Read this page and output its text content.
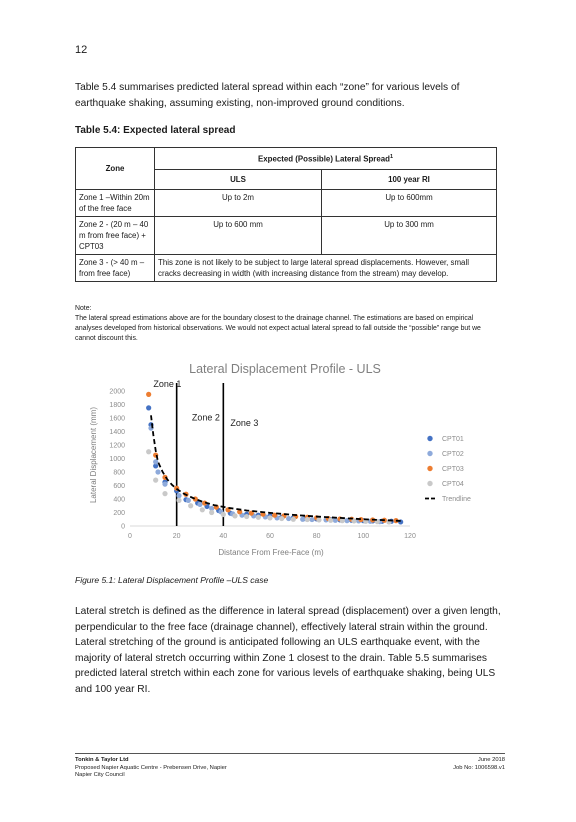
12
Table 5.4 summarises predicted lateral spread within each “zone” for various levels of earthquake shaking, assuming existing, non-improved ground conditions.
Table 5.4: Expected lateral spread
Zone	Expected (Possible) Lateral Spread$^1$
	ULS	100 year RI
Zone 1 –Within 20m of the free face	Up to 2m	Up to 600mm
Zone 2 - (20 m – 40 m from free face) + CPT03	Up to 600 mm	Up to 300 mm
Zone 3 - (> 40 m – from free face)	This zone is not likely to be subject to large lateral spread displacements. However, small cracks decreasing in width (with increasing distance from the stream) may develop.	
Note:
The lateral spread estimations above are for the boundary closest to the drainage channel. The estimations are based on empirical analyses developed from historical observations. We would not expect actual lateral spread to fall outside the “possible” range but we cannot discount this.
Lateral Displacement Profile - ULS
Lateral Displacement (mm)
Distance From Free-Face (m)
0
200
400
600
800
1000
1200
1400
1600
1800
2000
0	20	40	60	80	100	120
Zone 1
Zone 2
Zone 3
CPT01
CPT02
CPT03
CPT04
Trendline
Figure 5.1: Lateral Displacement Profile –ULS case
Lateral stretch is defined as the difference in lateral spread (displacement) over a given length, perpendicular to the free face (drainage channel), effectively lateral strain within the ground. Lateral stretching of the ground is anticipated following an ULS earthquake event, with the majority of lateral stretch occurring within Zone 1 closest to the drain. Table 5.5 summarises predicted lateral stretch within each zone for various levels of earthquake shaking, being ULS and 100 year RI.
Tonkin & Taylor Ltd
Proposed Napier Aquatic Centre - Prebensen Drive, Napier
Napier City Council
June 2018
Job No: 1006598.v1
